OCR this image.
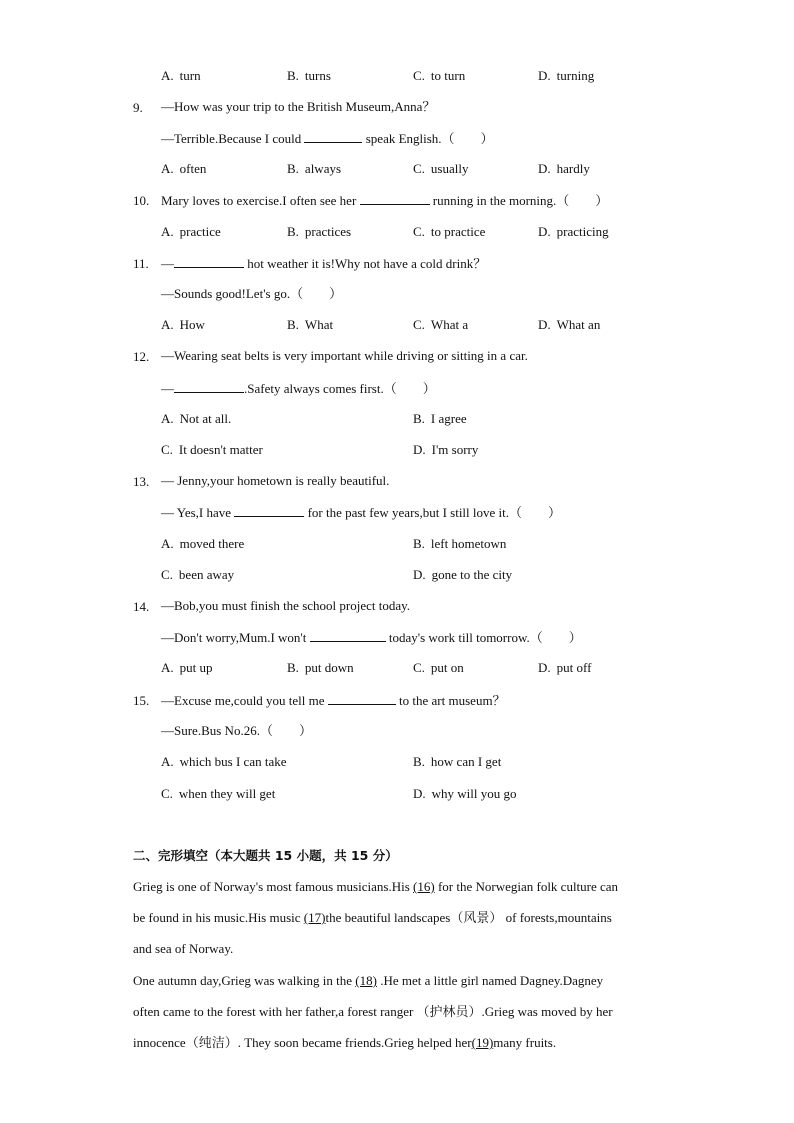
A. turn	B. turns	C. to turn	D. turning
9.	—How was your trip to the British Museum,Anna？
—Terrible.Because I could	speak English.（　　）
A. often	B. always	C. usually	D. hardly
10. Mary loves to exercise.I often see her	running in the morning.（　　）
A. practice	B. practices	C. to practice	D. practicing
11. —	hot weather it is!Why not have a cold drink？
—Sounds good!Let's go.（　　）
A. How	B. What	C. What a	D. What an
12. —Wearing seat belts is very important while driving or sitting in a car.
—	.Safety always comes first.（　　）
A. Not at all.	B. I agree
C. It doesn't matter	D. I'm sorry
13. — Jenny,your hometown is really beautiful.
— Yes,I have	for the past few years,but I still love it.（　　）
A. moved there	B. left hometown
C. been away	D. gone to the city
14. —Bob,you must finish the school project today.
—Don't worry,Mum.I won't	today's work till tomorrow.（　　）
A. put up	B. put down	C. put on	D. put off
15. —Excuse me,could you tell me	to the art museum？
—Sure.Bus No.26.（　　）
A. which bus I can take	B. how can I get
C. when they will get	D. why will you go
二、完形填空（本大题共 15 小题，共 15 分）
Grieg is one of Norway's most famous musicians.His (16) for the Norwegian folk culture can
be found in his music.His music (17)the beautiful landscapes（风景） of forests,mountains
and sea of Norway.
One autumn day,Grieg was walking in the (18) .He met a little girl named Dagney.Dagney
often came to the forest with her father,a forest ranger （护林员）.Grieg was moved by her
innocence（纯洁）. They soon became friends.Grieg helped her(19)many fruits.
